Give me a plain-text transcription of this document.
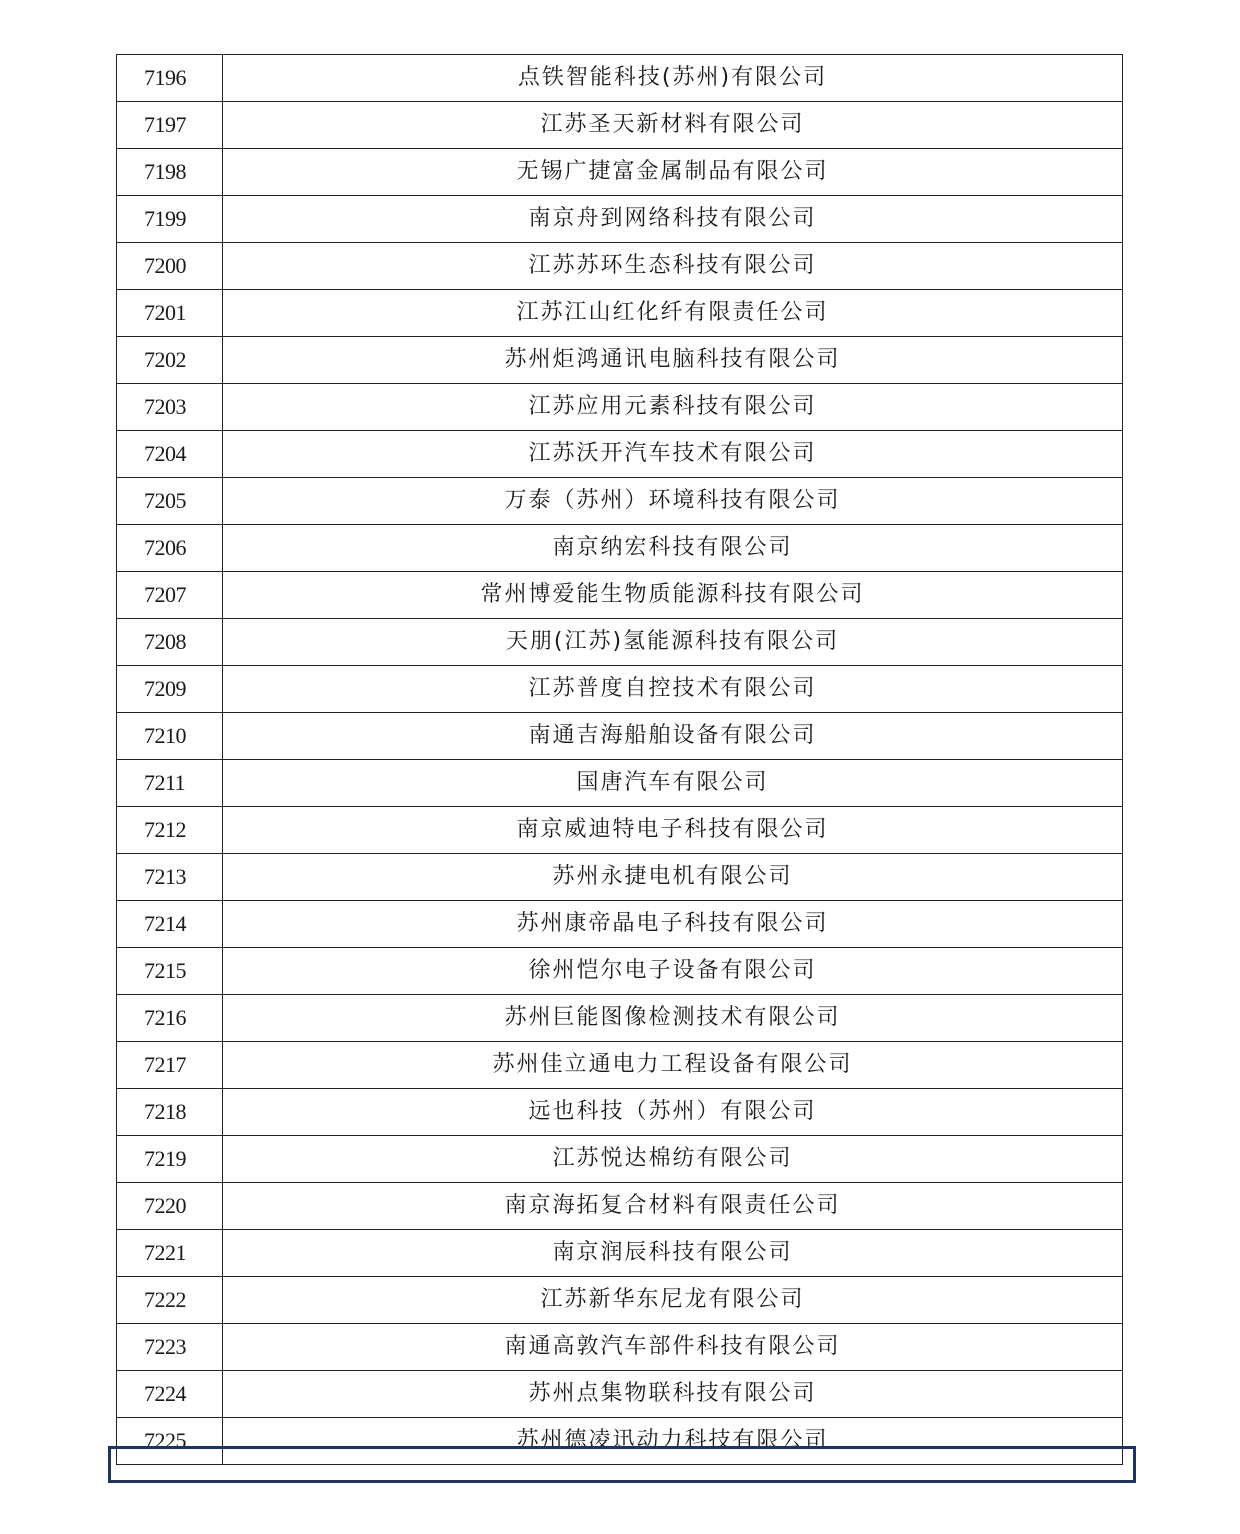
7196	点铁智能科技(苏州)有限公司
7197	江苏圣天新材料有限公司
7198	无锡广捷富金属制品有限公司
7199	南京舟到网络科技有限公司
7200	江苏苏环生态科技有限公司
7201	江苏江山红化纤有限责任公司
7202	苏州炬鸿通讯电脑科技有限公司
7203	江苏应用元素科技有限公司
7204	江苏沃开汽车技术有限公司
7205	万泰（苏州）环境科技有限公司
7206	南京纳宏科技有限公司
7207	常州博爱能生物质能源科技有限公司
7208	天朋(江苏)氢能源科技有限公司
7209	江苏普度自控技术有限公司
7210	南通吉海船舶设备有限公司
7211	国唐汽车有限公司
7212	南京威迪特电子科技有限公司
7213	苏州永捷电机有限公司
7214	苏州康帝晶电子科技有限公司
7215	徐州恺尔电子设备有限公司
7216	苏州巨能图像检测技术有限公司
7217	苏州佳立通电力工程设备有限公司
7218	远也科技（苏州）有限公司
7219	江苏悦达棉纺有限公司
7220	南京海拓复合材料有限责任公司
7221	南京润辰科技有限公司
7222	江苏新华东尼龙有限公司
7223	南通高敦汽车部件科技有限公司
7224	苏州点集物联科技有限公司
7225	苏州德凌迅动力科技有限公司
